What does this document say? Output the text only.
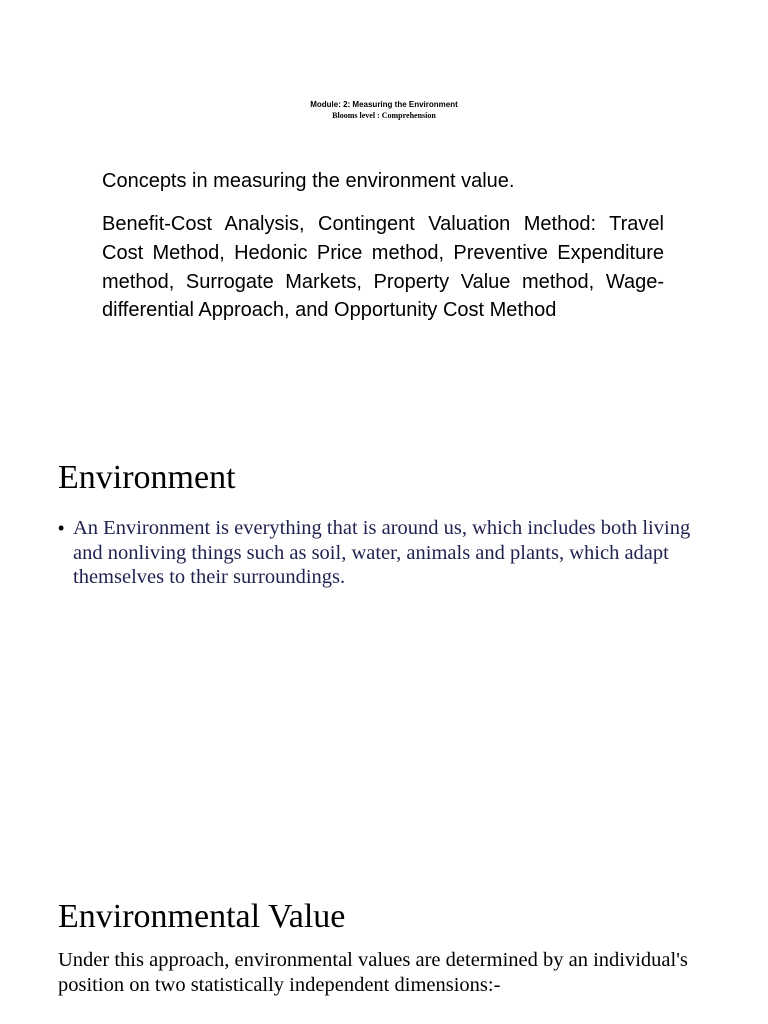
Module: 2: Measuring the Environment
Blooms level : Comprehension

Concepts in measuring the environment value.

Benefit-Cost Analysis, Contingent Valuation Method: Travel Cost Method, Hedonic Price method, Preventive Expenditure method, Surrogate Markets, Property Value method, Wage-differential Approach, and Opportunity Cost Method

Environment
• An Environment is everything that is around us, which includes both living and nonliving things such as soil, water, animals and plants, which adapt themselves to their surroundings.
Environmental Value

Under this approach, environmental values are determined by an individual's position on two statistically independent dimensions:-
